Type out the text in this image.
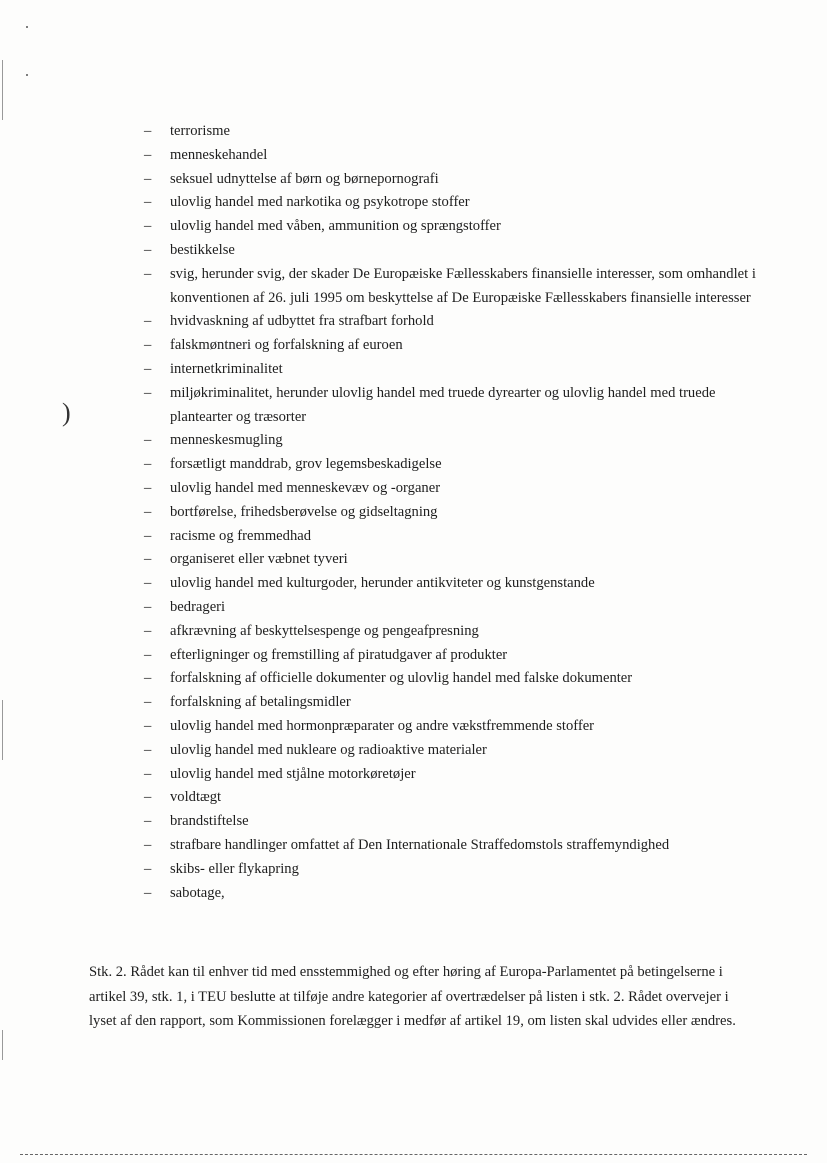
)
– terrorisme
– menneskehandel
– seksuel udnyttelse af børn og børnepornografi
– ulovlig handel med narkotika og psykotrope stoffer
– ulovlig handel med våben, ammunition og sprængstoffer
– bestikkelse
– svig, herunder svig, der skader De Europæiske Fællesskabers finansielle interesser, som omhandlet i konventionen af 26. juli 1995 om beskyttelse af De Europæiske Fællesskabers finansielle interesser
– hvidvaskning af udbyttet fra strafbart forhold
– falskmøntneri og forfalskning af euroen
– internetkriminalitet
– miljøkriminalitet, herunder ulovlig handel med truede dyrearter og ulovlig handel med truede plantearter og træsorter
– menneskesmugling
– forsætligt manddrab, grov legemsbeskadigelse
– ulovlig handel med menneskevæv og -organer
– bortførelse, frihedsberøvelse og gidseltagning
– racisme og fremmedhad
– organiseret eller væbnet tyveri
– ulovlig handel med kulturgoder, herunder antikviteter og kunstgenstande
– bedrageri
– afkrævning af beskyttelsespenge og pengeafpresning
– efterligninger og fremstilling af piratudgaver af produkter
– forfalskning af officielle dokumenter og ulovlig handel med falske dokumenter
– forfalskning af betalingsmidler
– ulovlig handel med hormonpræparater og andre vækstfremmende stoffer
– ulovlig handel med nukleare og radioaktive materialer
– ulovlig handel med stjålne motorkøretøjer
– voldtægt
– brandstiftelse
– strafbare handlinger omfattet af Den Internationale Straffedomstols straffemyndighed
– skibs- eller flykapring
– sabotage,

Stk. 2. Rådet kan til enhver tid med ensstemmighed og efter høring af Europa-Parlamentet på betingelserne i artikel 39, stk. 1, i TEU beslutte at tilføje andre kategorier af overtrædelser på listen i stk. 2. Rådet overvejer i lyset af den rapport, som Kommissionen forelægger i medfør af artikel 19, om listen skal udvides eller ændres.
